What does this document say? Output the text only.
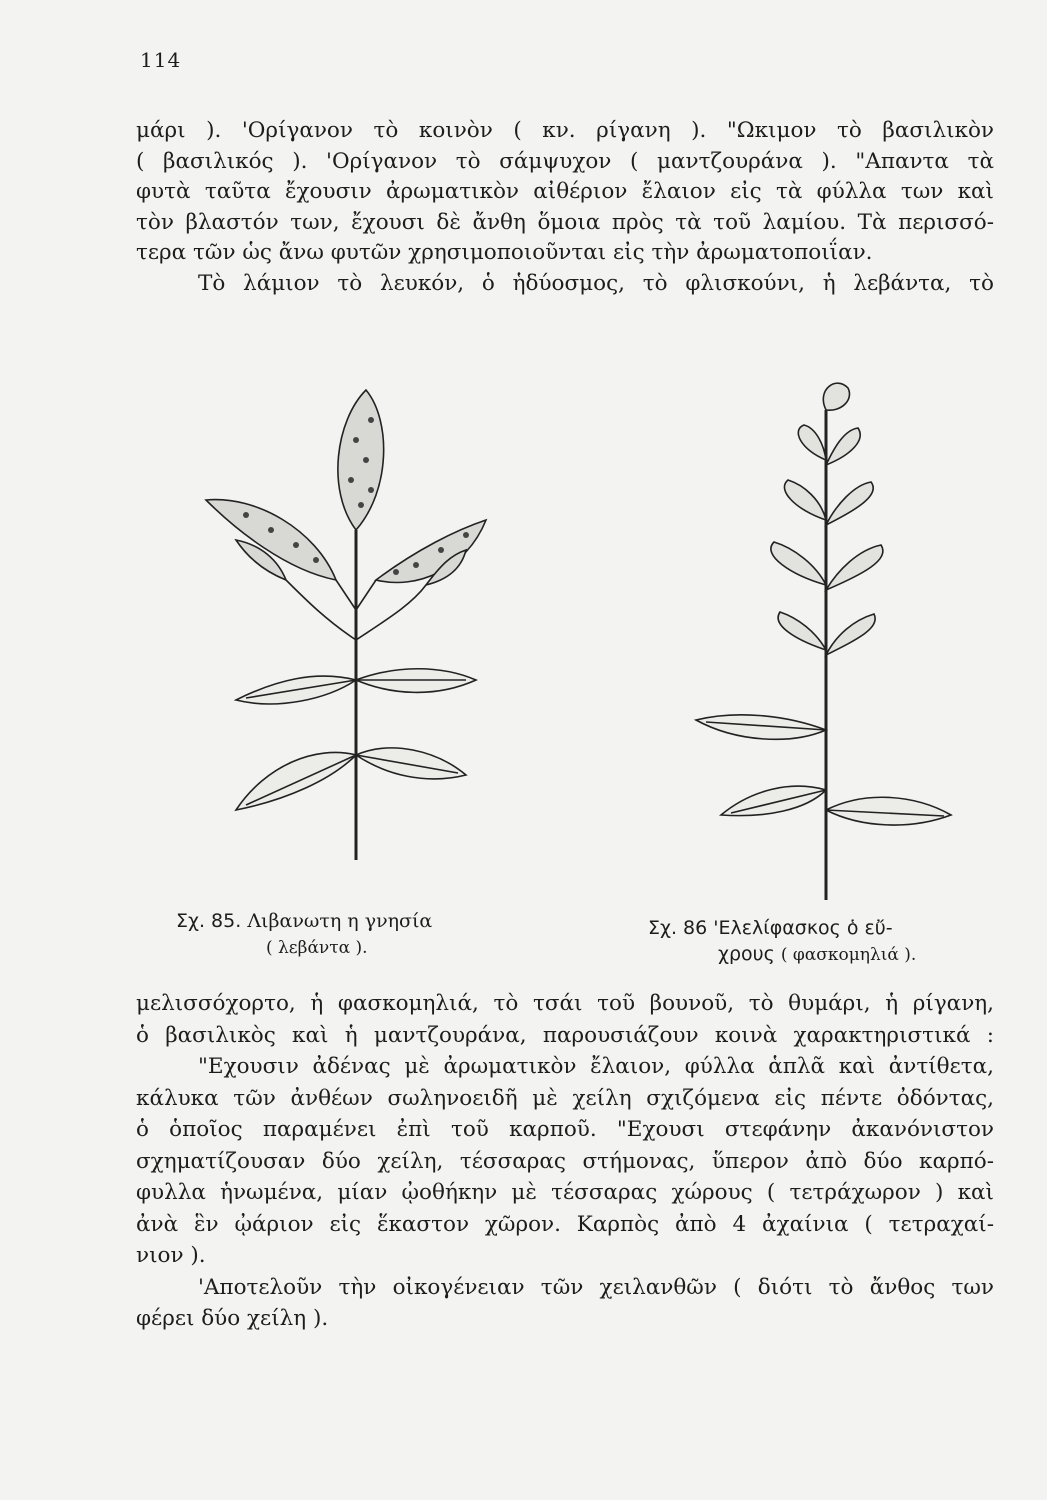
114
μάρι ). 'Ορίγανον τὸ κοινὸν ( κν. ρίγανη ). "Ωκιμον τὸ βασιλικὸν
( βασιλικός ). 'Ορίγανον τὸ σάμψυχον ( μαντζουράνα ). "Απαντα τὰ
φυτὰ ταῦτα ἔχουσιν ἀρωματικὸν αἰθέριον ἔλαιον εἰς τὰ φύλλα των καὶ
τὸν βλαστόν των, ἔχουσι δὲ ἄνθη ὅμοια πρὸς τὰ τοῦ λαμίου. Τὰ περισσό-
τερα τῶν ὡς ἄνω φυτῶν χρησιμοποιοῦνται εἰς τὴν ἀρωματοποιΐαν.
Τὸ λάμιον τὸ λευκόν, ὁ ἡδύοσμος, τὸ φλισκούνι, ἡ λεβάντα, τὸ
Σχ. 85. Λιβανωτη η γνησία
( λεβάντα ).
Σχ. 86 'Ελελίφασκος ὁ εὔ-
χρους ( φασκομηλιά ).
μελισσόχορτο, ἡ φασκομηλιά, τὸ τσάι τοῦ βουνοῦ, τὸ θυμάρι, ἡ ρίγανη,
ὁ βασιλικὸς καὶ ἡ μαντζουράνα, παρουσιάζουν κοινὰ χαρακτηριστικά :
"Εχουσιν ἀδένας μὲ ἀρωματικὸν ἔλαιον, φύλλα ἁπλᾶ καὶ ἀντίθετα,
κάλυκα τῶν ἀνθέων σωληνοειδῆ μὲ χείλη σχιζόμενα εἰς πέντε ὀδόντας,
ὁ ὁποῖος παραμένει ἐπὶ τοῦ καρποῦ. "Εχουσι στεφάνην ἀκανόνιστον
σχηματίζουσαν δύο χείλη, τέσσαρας στήμονας, ὕπερον ἀπὸ δύο καρπό-
φυλλα ἡνωμένα, μίαν ᾠοθήκην μὲ τέσσαρας χώρους ( τετράχωρον ) καὶ
ἀνὰ ἓν ᾠάριον εἰς ἕκαστον χῶρον. Καρπὸς ἀπὸ 4 ἀχαίνια ( τετραχαί-
νιον ).
'Αποτελοῦν τὴν οἰκογένειαν τῶν χειλανθῶν ( διότι τὸ ἄνθος των
φέρει δύο χείλη ).
